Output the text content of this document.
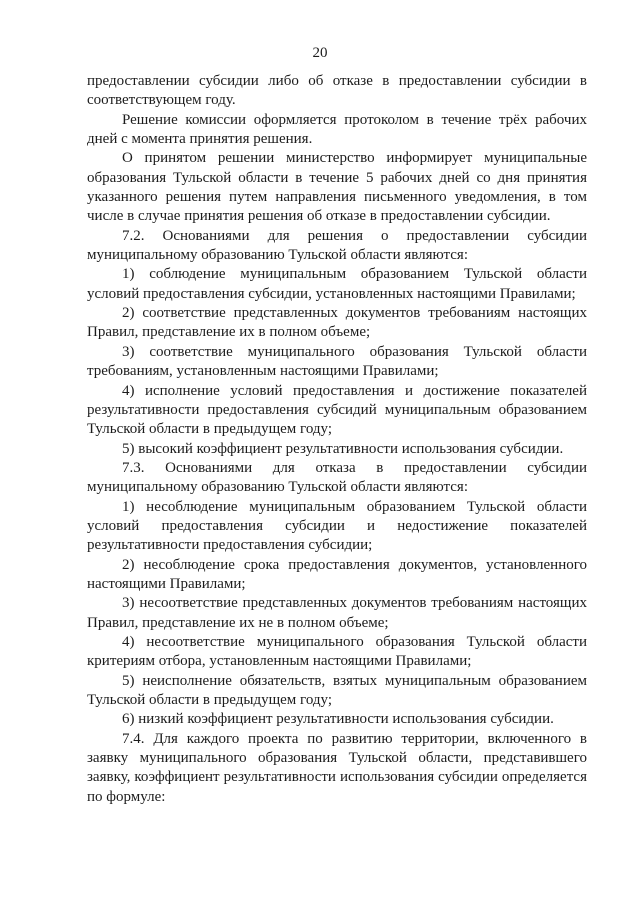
20

предоставлении субсидии либо об отказе в предоставлении субсидии в соответствующем году.

Решение комиссии оформляется протоколом в течение трёх рабочих дней с момента принятия решения.

О принятом решении министерство информирует муниципальные образования Тульской области в течение 5 рабочих дней со дня принятия указанного решения путем направления письменного уведомления, в том числе в случае принятия решения об отказе в предоставлении субсидии.

7.2. Основаниями для решения о предоставлении субсидии муниципальному образованию Тульской области являются:

1) соблюдение муниципальным образованием Тульской области условий предоставления субсидии, установленных настоящими Правилами;

2) соответствие представленных документов требованиям настоящих Правил, представление их в полном объеме;

3) соответствие муниципального образования Тульской области требованиям, установленным настоящими Правилами;

4) исполнение условий предоставления и достижение показателей результативности предоставления субсидий муниципальным образованием Тульской области в предыдущем году;

5) высокий коэффициент результативности использования субсидии.

7.3. Основаниями для отказа в предоставлении субсидии муниципальному образованию Тульской области являются:

1) несоблюдение муниципальным образованием Тульской области условий предоставления субсидии и недостижение показателей результативности предоставления субсидии;

2) несоблюдение срока предоставления документов, установленного настоящими Правилами;

3) несоответствие представленных документов требованиям настоящих Правил, представление их не в полном объеме;

4) несоответствие муниципального образования Тульской области критериям отбора, установленным настоящими Правилами;

5) неисполнение обязательств, взятых муниципальным образованием Тульской области в предыдущем году;

6) низкий коэффициент результативности использования субсидии.

7.4. Для каждого проекта по развитию территории, включенного в заявку муниципального образования Тульской области, представившего заявку, коэффициент результативности использования субсидии определяется по формуле:
